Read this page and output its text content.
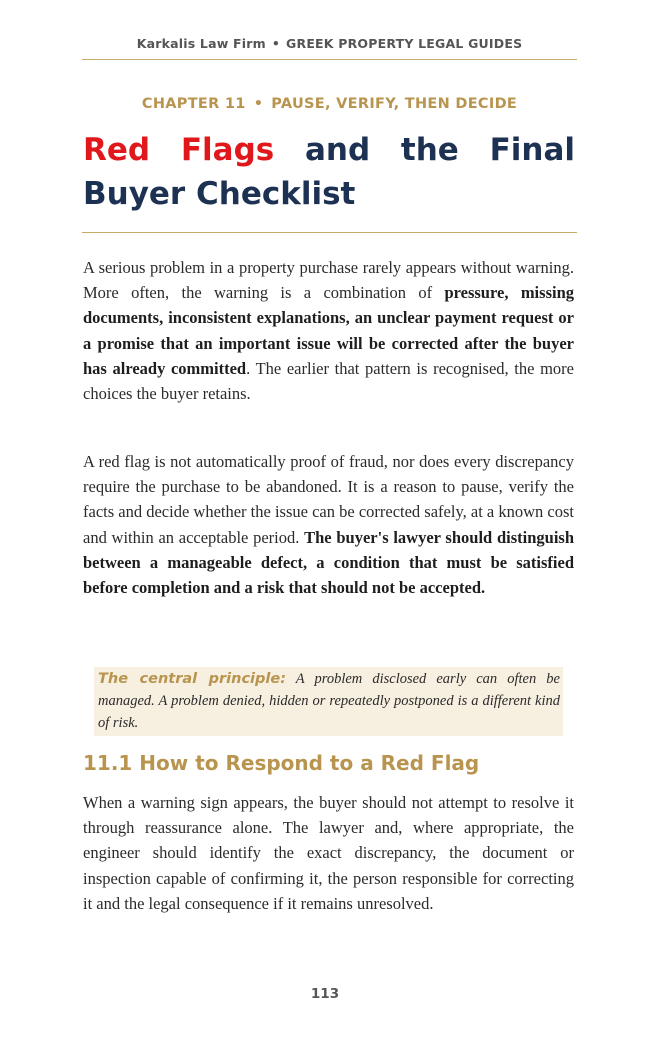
Karkalis Law Firm • GREEK PROPERTY LEGAL GUIDES
CHAPTER 11 • PAUSE, VERIFY, THEN DECIDE
Red Flags and the Final
Buyer Checklist

A serious problem in a property purchase rarely appears without warning. More often, the warning is a combination of pressure, missing documents, inconsistent explanations, an unclear payment request or a promise that an important issue will be corrected after the buyer has already committed. The earlier that pattern is recognised, the more choices the buyer retains.

A red flag is not automatically proof of fraud, nor does every discrepancy require the purchase to be abandoned. It is a reason to pause, verify the facts and decide whether the issue can be corrected safely, at a known cost and within an acceptable period. The buyer's lawyer should distinguish between a manageable defect, a condition that must be satisfied before completion and a risk that should not be accepted.

The central principle: A problem disclosed early can often be managed. A problem denied, hidden or repeatedly postponed is a different kind of risk.
11.1 How to Respond to a Red Flag

When a warning sign appears, the buyer should not attempt to resolve it through reassurance alone. The lawyer and, where appropriate, the engineer should identify the exact discrepancy, the document or inspection capable of confirming it, the person responsible for correcting it and the legal consequence if it remains unresolved.

113
